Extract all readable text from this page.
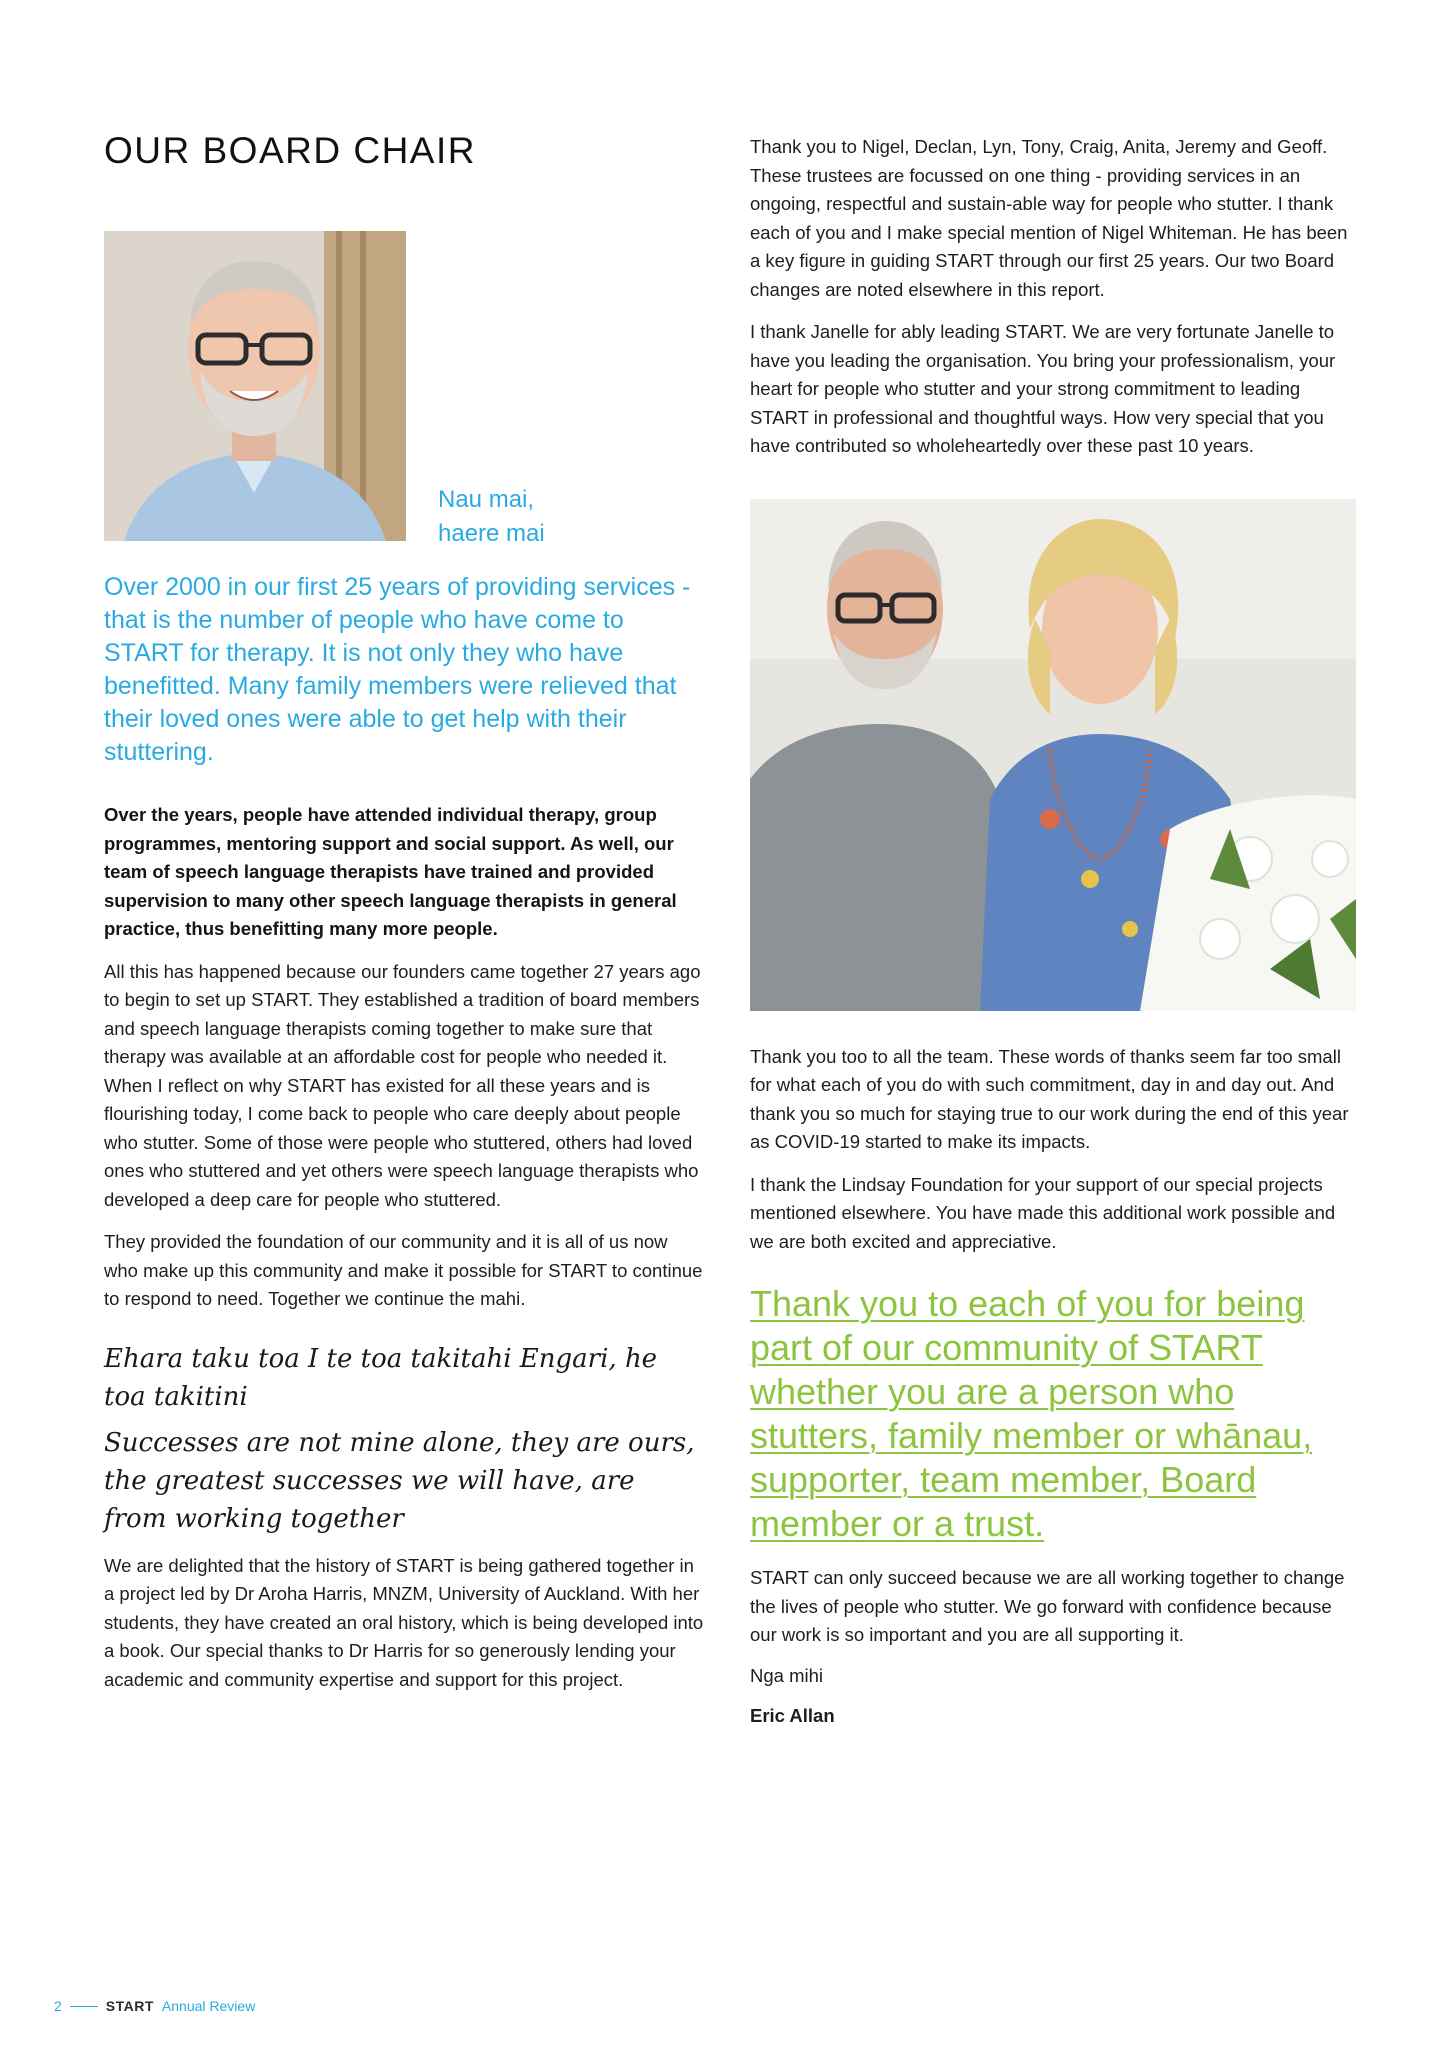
OUR BOARD CHAIR
Nau mai,
haere mai

Over 2000 in our first 25 years of providing services - that is the number of people who have come to START for therapy. It is not only they who have benefitted. Many family members were relieved that their loved ones were able to get help with their stuttering.

Over the years, people have attended individual therapy, group programmes, mentoring support and social support. As well, our team of speech language therapists have trained and provided supervision to many other speech language therapists in general practice, thus benefitting many more people.

All this has happened because our founders came together 27 years ago to begin to set up START. They established a tradition of board members and speech language therapists coming together to make sure that therapy was available at an affordable cost for people who needed it. When I reflect on why START has existed for all these years and is flourishing today, I come back to people who care deeply about people who stutter. Some of those were people who stuttered, others had loved ones who stuttered and yet others were speech language therapists who developed a deep care for people who stuttered.

They provided the foundation of our community and it is all of us now who make up this community and make it possible for START to continue to respond to need. Together we continue the mahi.

Ehara taku toa I te toa takitahi Engari, he toa takitini

Successes are not mine alone, they are ours, the greatest successes we will have, are from working together

We are delighted that the history of START is being gathered together in a project led by Dr Aroha Harris, MNZM, University of Auckland. With her students, they have created an oral history, which is being developed into a book. Our special thanks to Dr Harris for so generously lending your academic and community expertise and support for this project.

Thank you to Nigel, Declan, Lyn, Tony, Craig, Anita, Jeremy and Geoff. These trustees are focussed on one thing - providing services in an ongoing, respectful and sustain-able way for people who stutter. I thank each of you and I make special mention of Nigel Whiteman. He has been a key figure in guiding START through our first 25 years. Our two Board changes are noted elsewhere in this report.

I thank Janelle for ably leading START. We are very fortunate Janelle to have you leading the organisation. You bring your professionalism, your heart for people who stutter and your strong commitment to leading START in professional and thoughtful ways. How very special that you have contributed so wholeheartedly over these past 10 years.

Thank you too to all the team. These words of thanks seem far too small for what each of you do with such commitment, day in and day out. And thank you so much for staying true to our work during the end of this year as COVID-19 started to make its impacts.

I thank the Lindsay Foundation for your support of our special projects mentioned elsewhere. You have made this additional work possible and we are both excited and appreciative.

Thank you to each of you for being part of our community of START whether you are a person who stutters, family member or whānau, supporter, team member, Board member or a trust.

START can only succeed because we are all working together to change the lives of people who stutter. We go forward with confidence because our work is so important and you are all supporting it.

Nga mihi

Eric Allan

2	START Annual Review
